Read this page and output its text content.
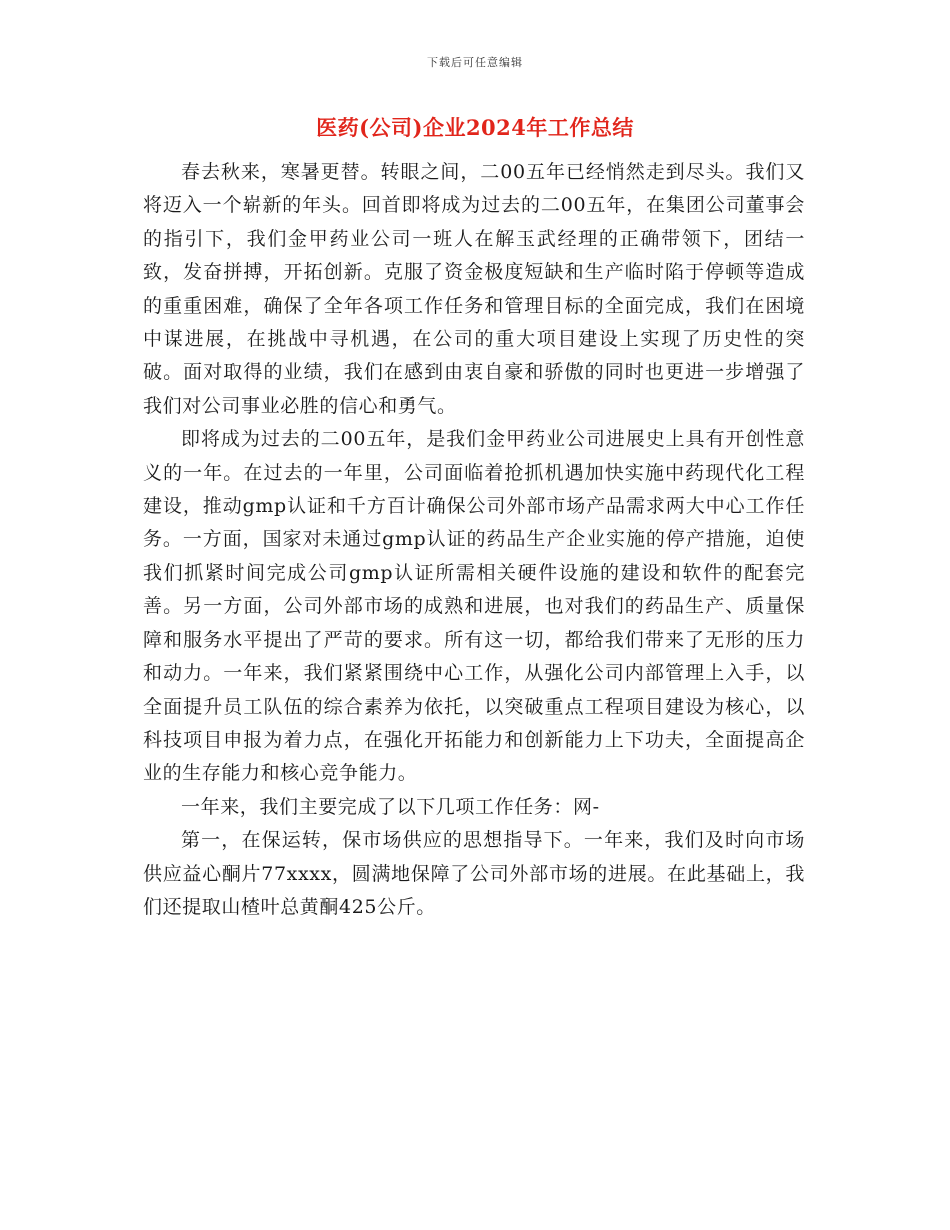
下载后可任意编辑
医药(公司)企业2024年工作总结

春去秋来，寒暑更替。转眼之间，二00五年已经悄然走到尽头。我们又将迈入一个崭新的年头。回首即将成为过去的二00五年，在集团公司董事会的指引下，我们金甲药业公司一班人在解玉武经理的正确带领下，团结一致，发奋拼搏，开拓创新。克服了资金极度短缺和生产临时陷于停顿等造成的重重困难，确保了全年各项工作任务和管理目标的全面完成，我们在困境中谋进展，在挑战中寻机遇，在公司的重大项目建设上实现了历史性的突破。面对取得的业绩，我们在感到由衷自豪和骄傲的同时也更进一步增强了我们对公司事业必胜的信心和勇气。

即将成为过去的二00五年，是我们金甲药业公司进展史上具有开创性意义的一年。在过去的一年里，公司面临着抢抓机遇加快实施中药现代化工程建设，推动gmp认证和千方百计确保公司外部市场产品需求两大中心工作任务。一方面，国家对未通过gmp认证的药品生产企业实施的停产措施，迫使我们抓紧时间完成公司gmp认证所需相关硬件设施的建设和软件的配套完善。另一方面，公司外部市场的成熟和进展，也对我们的药品生产、质量保障和服务水平提出了严苛的要求。所有这一切，都给我们带来了无形的压力和动力。一年来，我们紧紧围绕中心工作，从强化公司内部管理上入手，以全面提升员工队伍的综合素养为依托，以突破重点工程项目建设为核心，以科技项目申报为着力点，在强化开拓能力和创新能力上下功夫，全面提高企业的生存能力和核心竞争能力。

一年来，我们主要完成了以下几项工作任务：网-

第一，在保运转，保市场供应的思想指导下。一年来，我们及时向市场供应益心酮片77xxxx，圆满地保障了公司外部市场的进展。在此基础上，我们还提取山楂叶总黄酮425公斤。
